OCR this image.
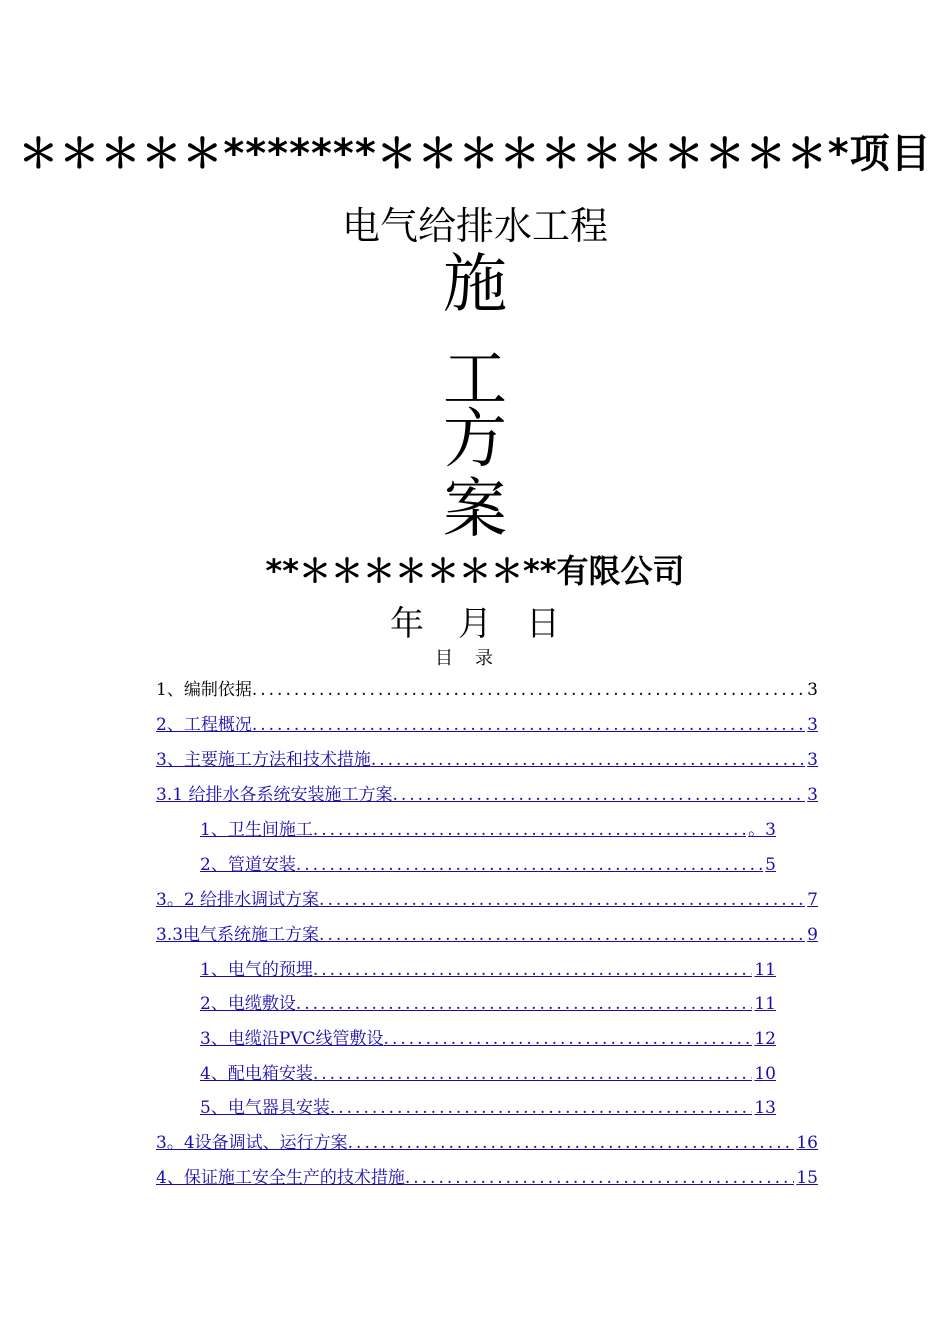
＊＊＊＊＊*******＊＊＊＊＊＊＊＊＊＊＊*项目
电气给排水工程
施
工
方
案
**＊＊＊＊＊＊＊**有限公司
年　月　日
目录
1、编制依据 .....	3
2、工程概况 .....	3
3、主要施工方法和技术措施 .....	3
3.1 给排水各系统安装施工方案 .....	3
1、卫生间施工 .....	。3
2、管道安装 .....	5
3。2 给排水调试方案 .....	7
3.3电气系统施工方案 .....	9
1、电气的预埋 .....	11
2、电缆敷设 .....	11
3、电缆沿PVC线管敷设 .....	12
4、配电箱安装 .....	10
5、电气器具安装 .....	13
3。4设备调试、运行方案 .....	16
4、保证施工安全生产的技术措施 .....	15
